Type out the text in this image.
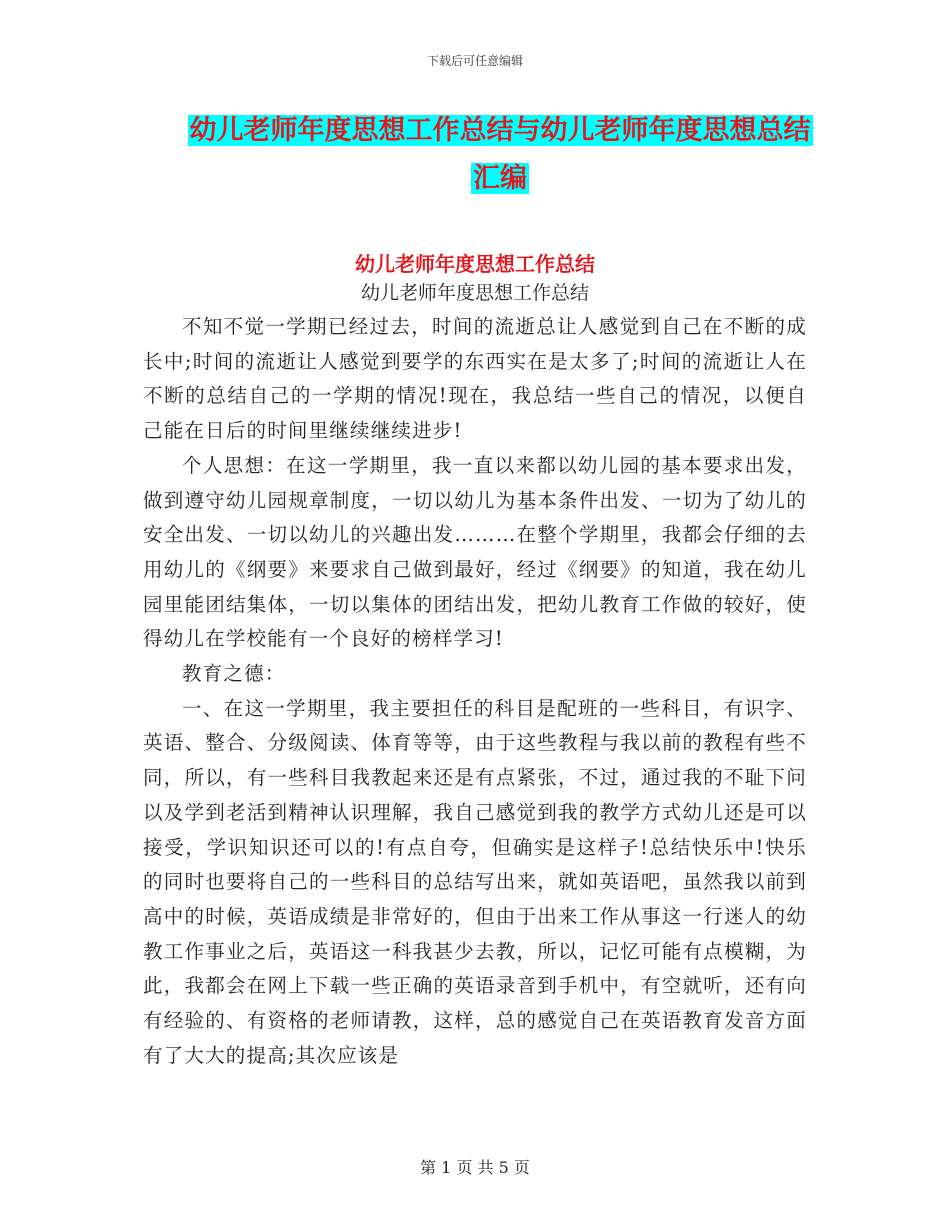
下载后可任意编辑
幼儿老师年度思想工作总结与幼儿老师年度思想总结
汇编
幼儿老师年度思想工作总结
幼儿老师年度思想工作总结

不知不觉一学期已经过去，时间的流逝总让人感觉到自己在不断的成长中;时间的流逝让人感觉到要学的东西实在是太多了;时间的流逝让人在不断的总结自己的一学期的情况!现在，我总结一些自己的情况，以便自己能在日后的时间里继续继续进步!

个人思想：在这一学期里，我一直以来都以幼儿园的基本要求出发，做到遵守幼儿园规章制度，一切以幼儿为基本条件出发、一切为了幼儿的安全出发、一切以幼儿的兴趣出发………在整个学期里，我都会仔细的去用幼儿的《纲要》来要求自己做到最好，经过《纲要》的知道，我在幼儿园里能团结集体，一切以集体的团结出发，把幼儿教育工作做的较好，使得幼儿在学校能有一个良好的榜样学习!

教育之德：

一、在这一学期里，我主要担任的科目是配班的一些科目，有识字、英语、整合、分级阅读、体育等等，由于这些教程与我以前的教程有些不同，所以，有一些科目我教起来还是有点紧张，不过，通过我的不耻下问以及学到老活到精神认识理解，我自己感觉到我的教学方式幼儿还是可以接受，学识知识还可以的!有点自夸，但确实是这样子!总结快乐中!快乐的同时也要将自己的一些科目的总结写出来，就如英语吧，虽然我以前到高中的时候，英语成绩是非常好的，但由于出来工作从事这一行迷人的幼教工作事业之后，英语这一科我甚少去教，所以，记忆可能有点模糊，为此，我都会在网上下载一些正确的英语录音到手机中，有空就听，还有向有经验的、有资格的老师请教，这样，总的感觉自己在英语教育发音方面有了大大的提高;其次应该是

第 1 页 共 5 页
